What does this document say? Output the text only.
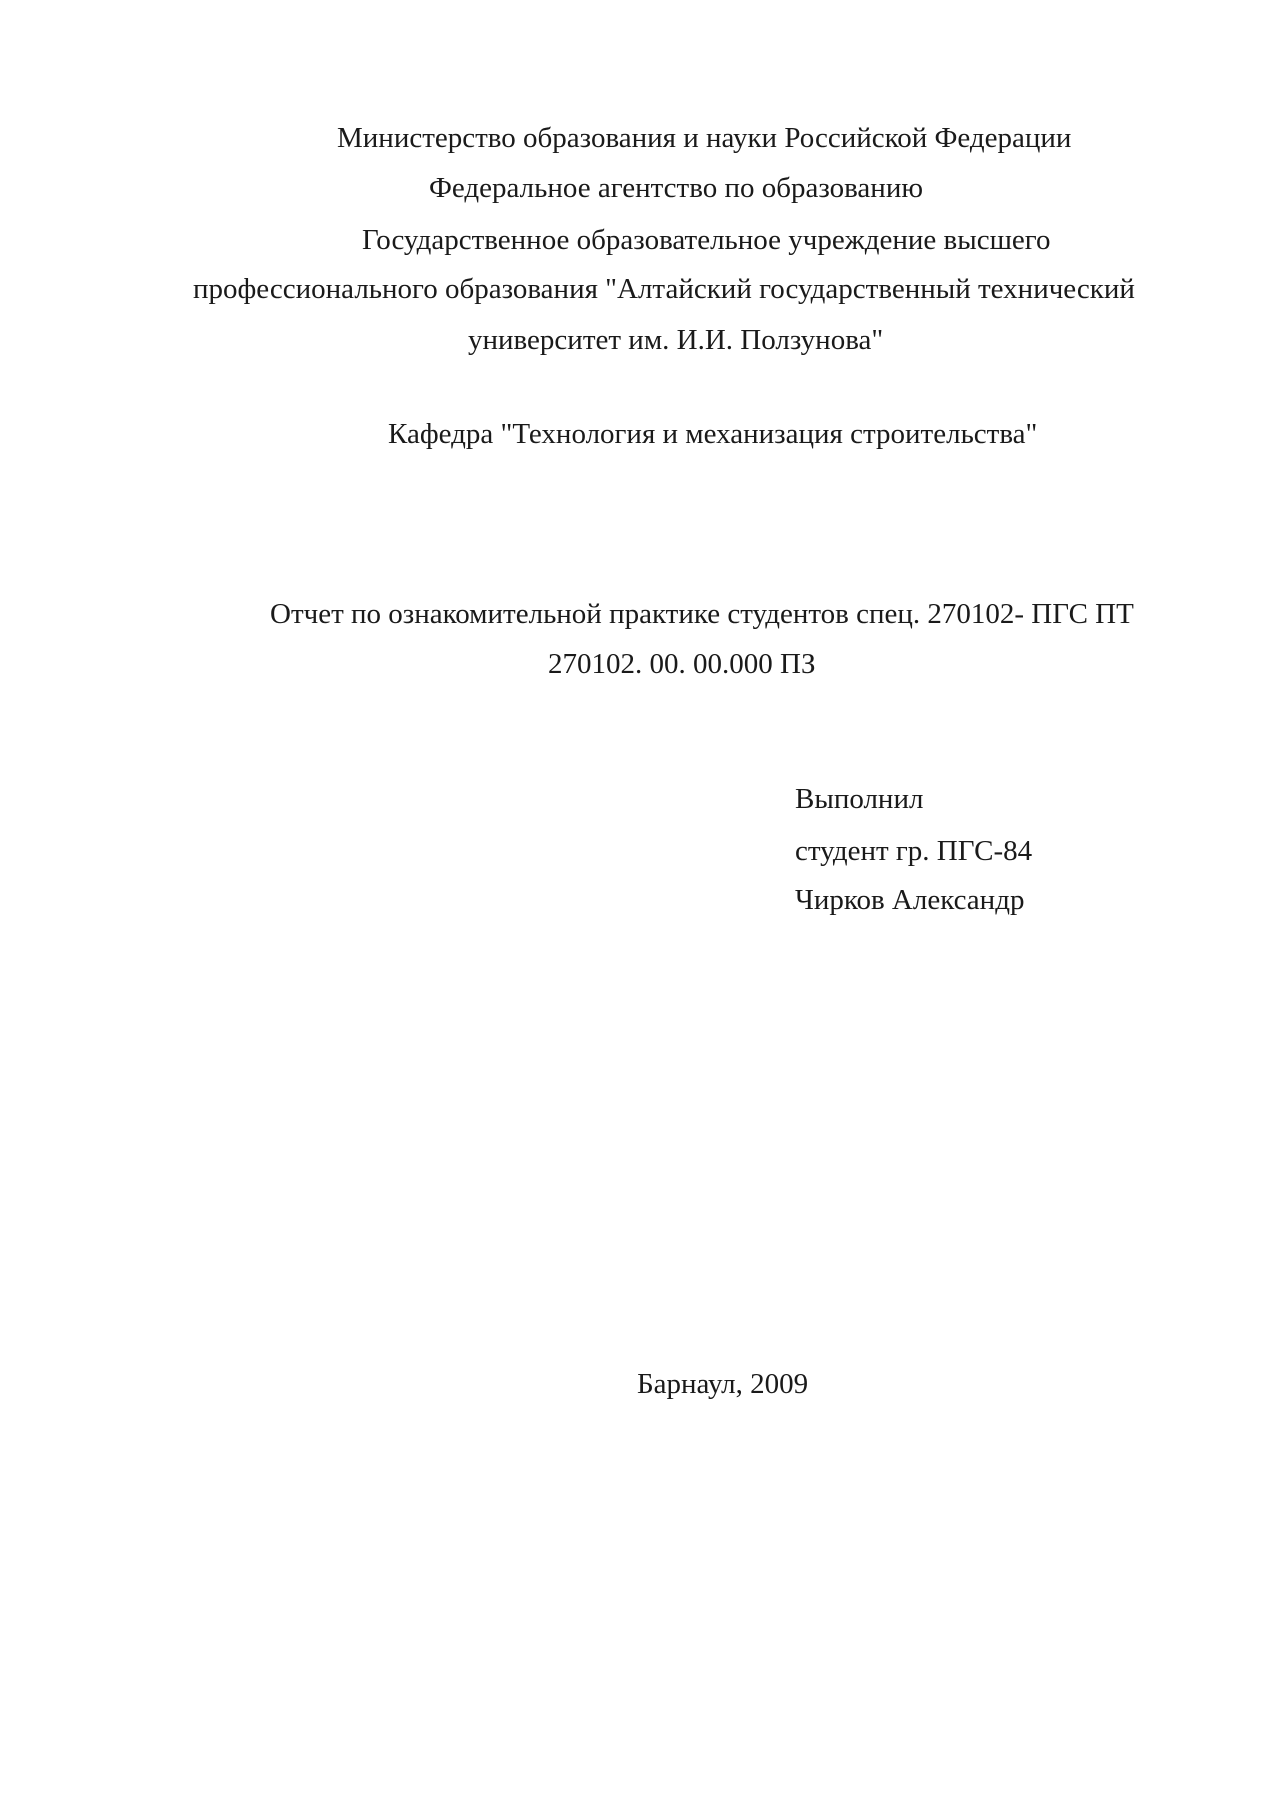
Министерство образования и науки Российской Федерации
Федеральное агентство по образованию
Государственное образовательное учреждение высшего
профессионального образования "Алтайский государственный технический
университет им. И.И. Ползунова"
Кафедра "Технология и механизация строительства"
Отчет по ознакомительной практике студентов спец. 270102- ПГС ПТ
270102. 00. 00.000 ПЗ
Выполнил
студент гр. ПГС-84
Чирков Александр
Барнаул, 2009
